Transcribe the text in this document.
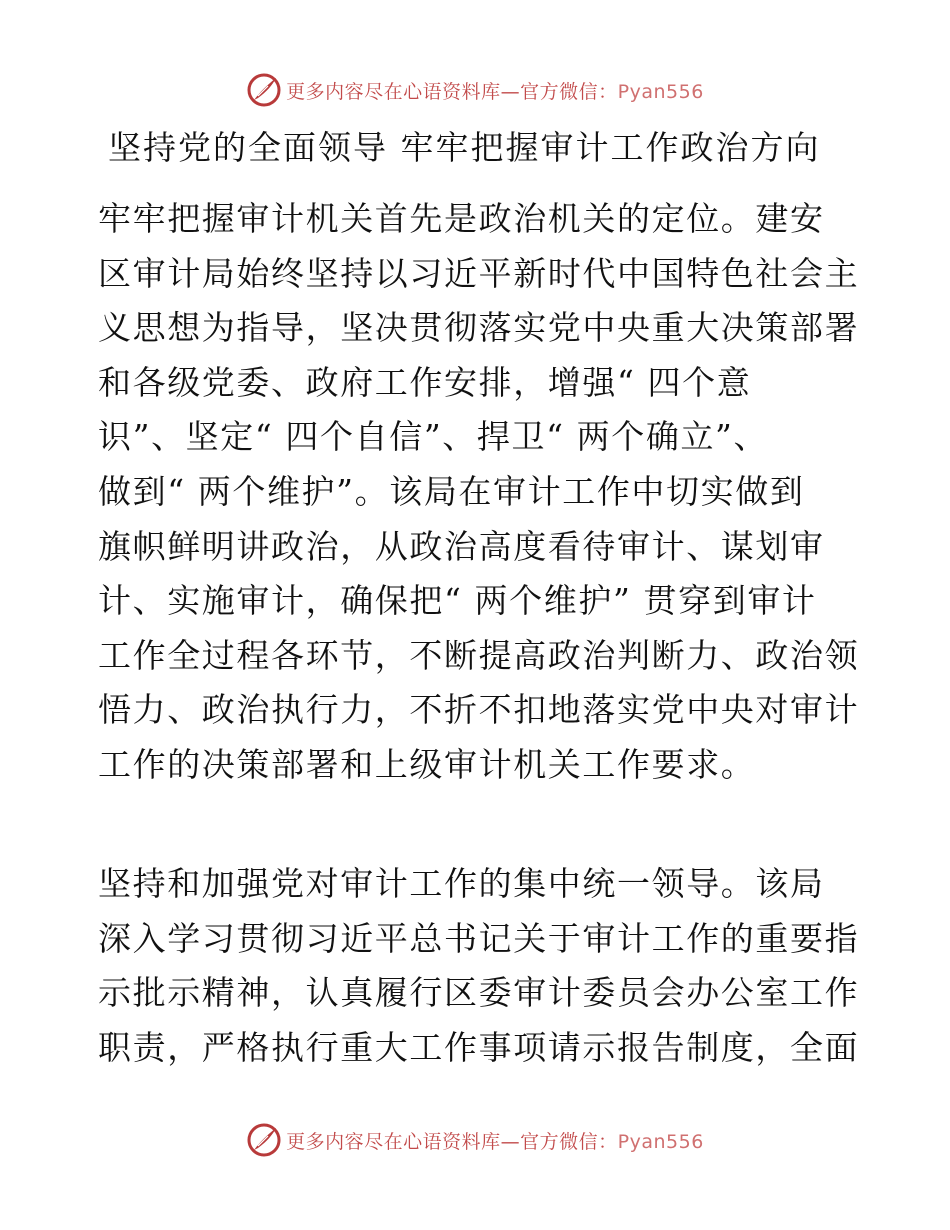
更多内容尽在心语资料库—官方微信：Pyan556
坚持党的全面领导 牢牢把握审计工作政治方向
牢牢把握审计机关首先是政治机关的定位。建安
区审计局始终坚持以习近平新时代中国特色社会主
义思想为指导，坚决贯彻落实党中央重大决策部署
和各级党委、政府工作安排，增强“ 四个意
识”、坚定“ 四个自信”、捍卫“ 两个确立”、
做到“ 两个维护”。该局在审计工作中切实做到
旗帜鲜明讲政治，从政治高度看待审计、谋划审
计、实施审计，确保把“ 两个维护” 贯穿到审计
工作全过程各环节，不断提高政治判断力、政治领
悟力、政治执行力，不折不扣地落实党中央对审计
工作的决策部署和上级审计机关工作要求。
坚持和加强党对审计工作的集中统一领导。该局
深入学习贯彻习近平总书记关于审计工作的重要指
示批示精神，认真履行区委审计委员会办公室工作
职责，严格执行重大工作事项请示报告制度，全面
更多内容尽在心语资料库—官方微信：Pyan556
